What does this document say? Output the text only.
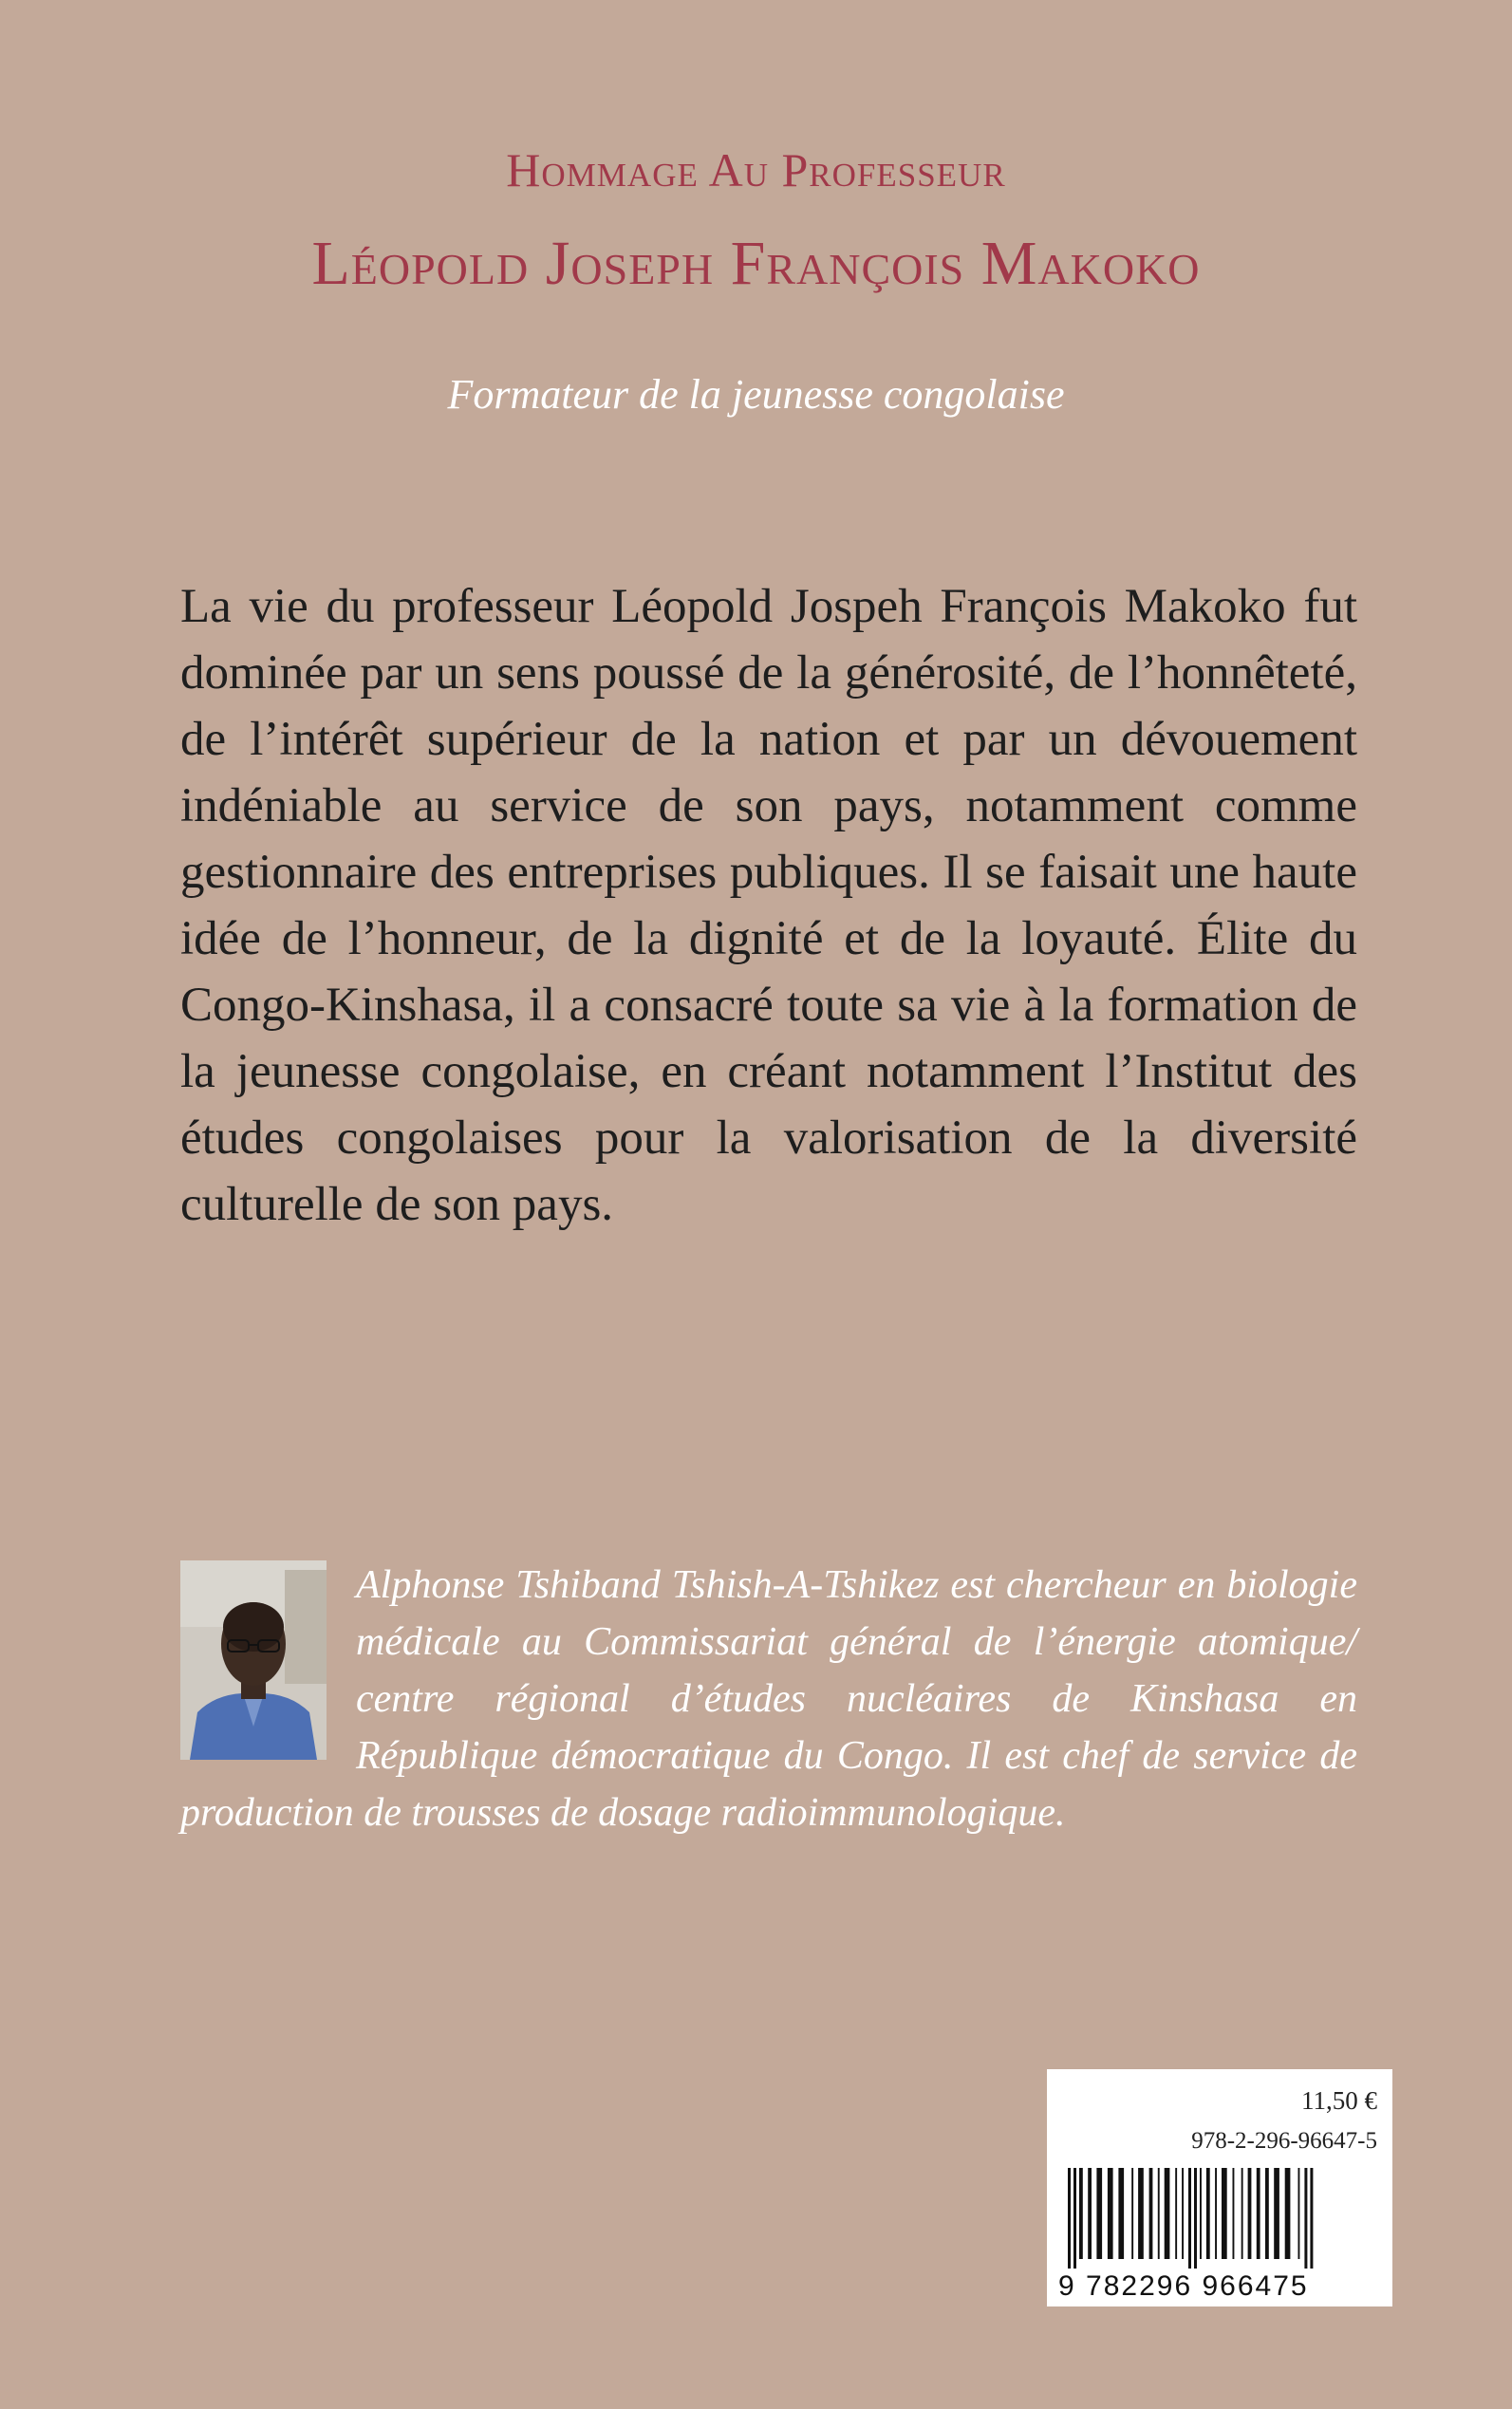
Hommage Au Professeur
Léopold Joseph François Makoko
Formateur de la jeunesse congolaise

La vie du professeur Léopold Jospeh François Makoko fut dominée par un sens poussé de la générosité, de l’honnêteté, de l’intérêt supérieur de la nation et par un dévouement indéniable au service de son pays, notamment comme gestionnaire des entreprises publiques. Il se faisait une haute idée de l’honneur, de la dignité et de la loyauté. Élite du Congo-Kinshasa, il a consacré toute sa vie à la formation de la jeunesse congolaise, en créant notamment l’Institut des études congolaises pour la valorisation de la diversité culturelle de son pays.

Alphonse Tshiband Tshish-A-Tshikez est chercheur en biologie médicale au Commissariat général de l’énergie atomique/ centre régional d’études nucléaires de Kinshasa en République démocratique du Congo. Il est chef de service de production de trousses de dosage radioimmunologique.

11,50 €
978-2-296-96647-5
9 782296 966475
